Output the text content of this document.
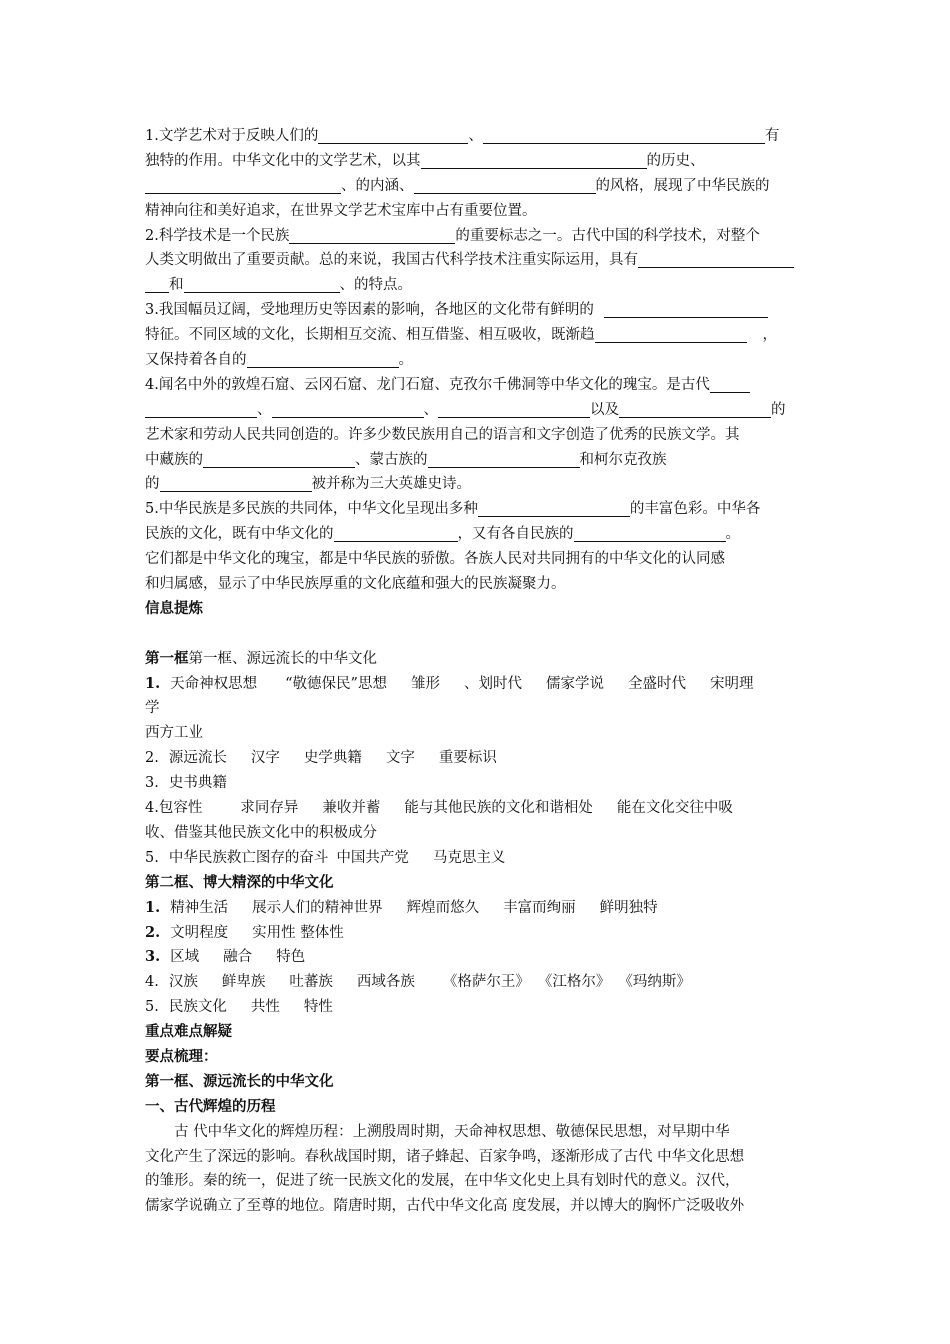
1.文学艺术对于反映人们的	、	有
独特的作用。中华文化中的文学艺术，以其	的历史、
、的内涵、	的风格，展现了中华民族的
精神向往和美好追求，在世界文学艺术宝库中占有重要位置。
2.科学技术是一个民族	的重要标志之一。古代中国的科学技术，对整个
人类文明做出了重要贡献。总的来说，我国古代科学技术注重实际运用，具有
和	、的特点。
3.我国幅员辽阔，受地理历史等因素的影响，各地区的文化带有鲜明的
特征。不同区域的文化，长期相互交流、相互借鉴、相互吸收，既渐趋	，
又保持着各自的	。
4.闻名中外的敦煌石窟、云冈石窟、龙门石窟、克孜尔千佛洞等中华文化的瑰宝。是古代
、	、	以及	的
艺术家和劳动人民共同创造的。许多少数民族用自己的语言和文字创造了优秀的民族文学。其
中藏族的	、蒙古族的	和柯尔克孜族
的	被并称为三大英雄史诗。
5.中华民族是多民族的共同体，中华文化呈现出多种	的丰富色彩。中华各
民族的文化，既有中华文化的	，又有各自民族的	。
它们都是中华文化的瑰宝，都是中华民族的骄傲。各族人民对共同拥有的中华文化的认同感
和归属感，显示了中华民族厚重的文化底蕴和强大的民族凝聚力。
信息提炼
第一框第一框、源远流长的中华文化
1. 天命神权思想 “敬德保民”思想 雏形 、划时代 儒家学说 全盛时代 宋明理
学
西方工业
2. 源远流长 汉字 史学典籍 文字 重要标识
3. 史书典籍
4.包容性	求同存异 兼收并蓄 能与其他民族的文化和谐相处 能在文化交往中吸
收、借鉴其他民族文化中的积极成分
5. 中华民族救亡图存的奋斗 中国共产党 马克思主义
第二框、博大精深的中华文化
1. 精神生活 展示人们的精神世界 辉煌而悠久 丰富而绚丽 鲜明独特
2. 文明程度 实用性 整体性
3. 区域 融合 特色
4. 汉族 鲜卑族 吐蕃族 西域各族 《格萨尔王》 《江格尔》 《玛纳斯》
5. 民族文化 共性 特性
重点难点解疑
要点梳理：
第一框、源远流长的中华文化
一、古代辉煌的历程
古 代中华文化的辉煌历程：上溯殷周时期，天命神权思想、敬德保民思想，对早期中华
文化产生了深远的影响。春秋战国时期，诸子蜂起、百家争鸣，逐渐形成了古代 中华文化思想
的雏形。秦的统一，促进了统一民族文化的发展，在中华文化史上具有划时代的意义。汉代，
儒家学说确立了至尊的地位。隋唐时期，古代中华文化高 度发展，并以博大的胸怀广泛吸收外
